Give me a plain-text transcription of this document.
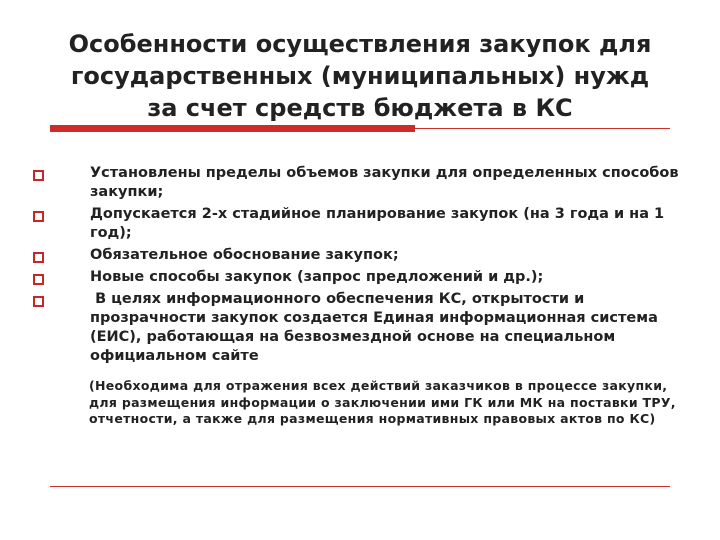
Особенности осуществления закупок для
государственных (муниципальных) нужд
за счет средств бюджета в КС
Установлены пределы объемов закупки для определенных способов закупки;
Допускается 2-х стадийное планирование закупок (на 3 года и на 1 год);
Обязательное обоснование закупок;
Новые способы закупок (запрос предложений и др.);
В целях информационного обеспечения КС, открытости и прозрачности закупок создается Единая информационная система (ЕИС), работающая на безвозмездной основе на специальном официальном сайте
(Необходима для отражения всех действий заказчиков в процессе закупки, для размещения информации о заключении ими ГК или МК на поставки ТРУ, отчетности, а также для размещения нормативных правовых актов по КС)
